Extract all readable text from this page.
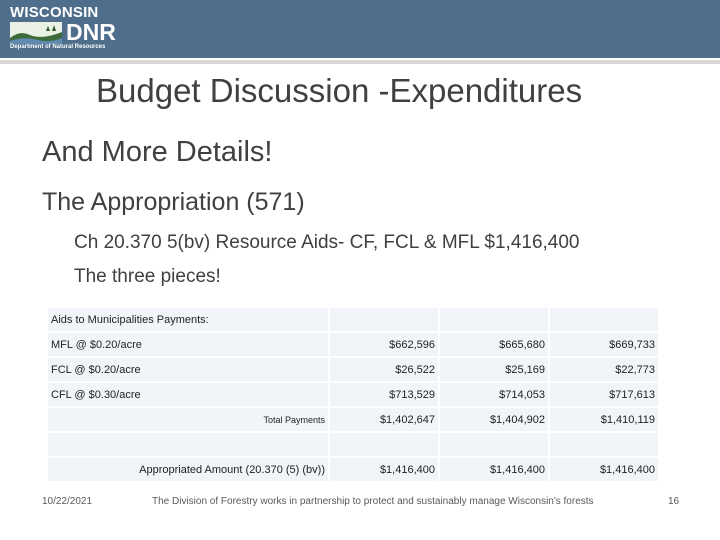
WISCONSIN
DNR
Department of Natural Resources
Budget Discussion -Expenditures
And More Details!
The Appropriation (571)
Ch 20.370 5(bv) Resource Aids- CF, FCL & MFL $1,416,400
The three pieces!
Aids to Municipalities Payments:			
MFL @ $0.20/acre	$662,596	$665,680	$669,733
FCL @ $0.20/acre	$26,522	$25,169	$22,773
CFL @ $0.30/acre	$713,529	$714,053	$717,613
Total Payments	$1,402,647	$1,404,902	$1,410,119

Appropriated Amount (20.370 (5) (bv))	$1,416,400	$1,416,400	$1,416,400
10/22/2021	The Division of Forestry works in partnership to protect and sustainably manage Wisconsin's forests	16
